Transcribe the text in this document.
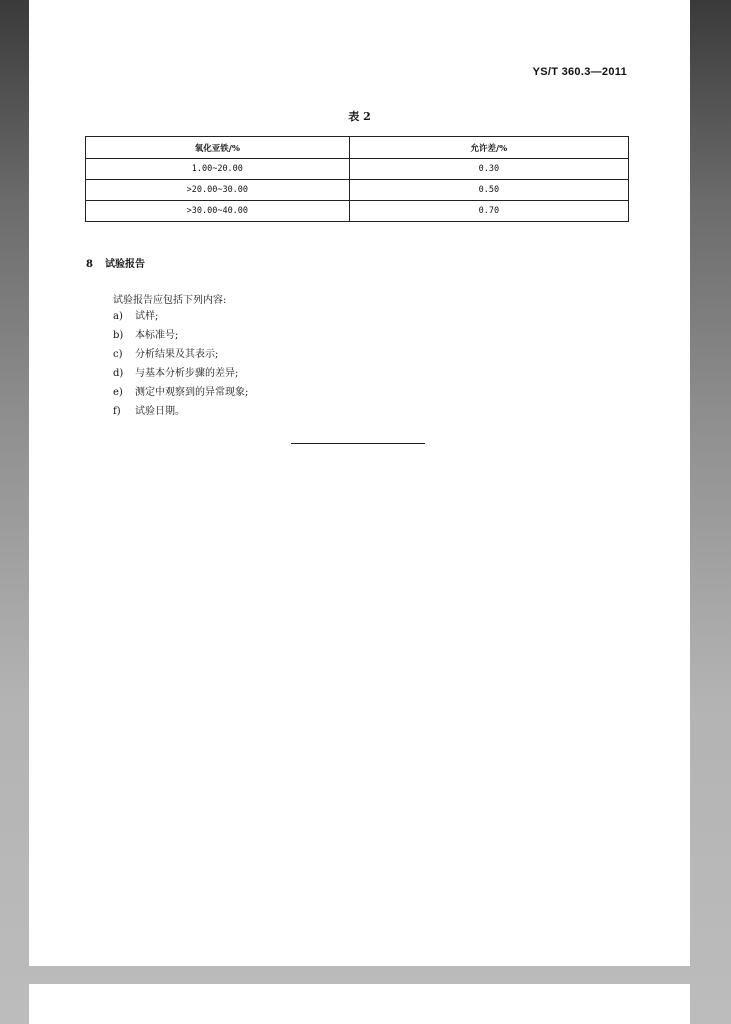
YS/T 360.3—2011
表 2
氧化亚铁/%	允许差/%
1.00~20.00	0.30
>20.00~30.00	0.50
>30.00~40.00	0.70
8 试验报告
试验报告应包括下列内容:
a) 试样;
b) 本标准号;
c) 分析结果及其表示;
d) 与基本分析步骤的差异;
e) 测定中观察到的异常现象;
f) 试验日期。
